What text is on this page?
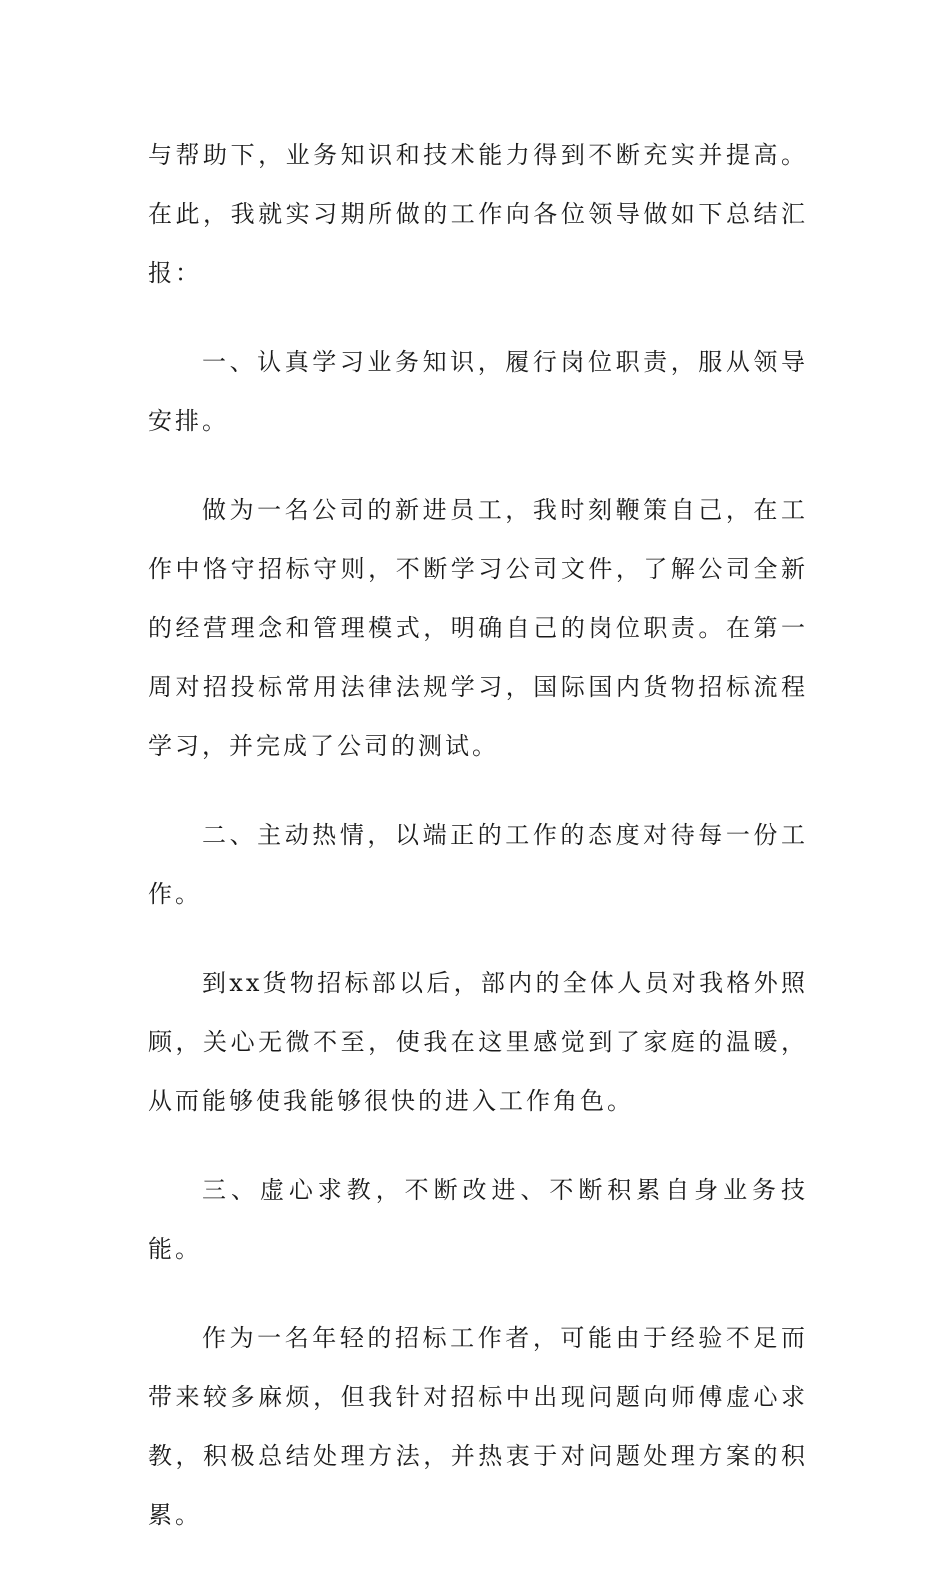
与帮助下，业务知识和技术能力得到不断充实并提高。在此，我就实习期所做的工作向各位领导做如下总结汇报：

一、认真学习业务知识，履行岗位职责，服从领导安排。

做为一名公司的新进员工，我时刻鞭策自己，在工作中恪守招标守则，不断学习公司文件，了解公司全新的经营理念和管理模式，明确自己的岗位职责。在第一周对招投标常用法律法规学习，国际国内货物招标流程学习，并完成了公司的测试。

二、主动热情，以端正的工作的态度对待每一份工作。

到xx货物招标部以后，部内的全体人员对我格外照顾，关心无微不至，使我在这里感觉到了家庭的温暖，从而能够使我能够很快的进入工作角色。

三、虚心求教，不断改进、不断积累自身业务技能。

作为一名年轻的招标工作者，可能由于经验不足而带来较多麻烦，但我针对招标中出现问题向师傅虚心求教，积极总结处理方法，并热衷于对问题处理方案的积累。
